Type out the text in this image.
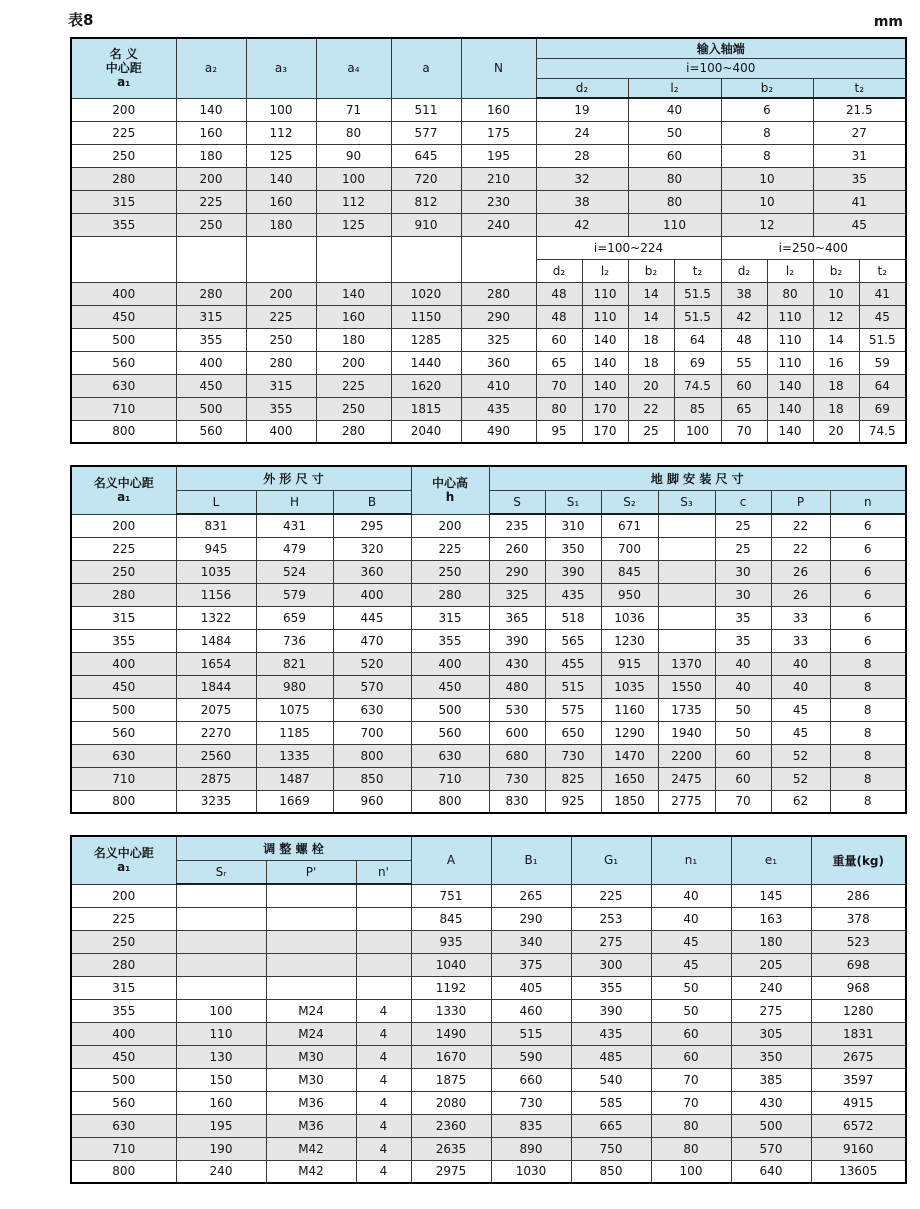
表8	mm
名 义
中心距
a₁	a₂	a₃	a₄	a	N	输入轴端							
						i=100~400							
						d₂		l₂		b₂		t₂	
200	140	100	71	511	160	19		40		6		21.5	
225	160	112	80	577	175	24		50		8		27	
250	180	125	90	645	195	28		60		8		31	
280	200	140	100	720	210	32		80		10		35	
315	225	160	112	812	230	38		80		10		41	
355	250	180	125	910	240	42		110		12		45	
						i=100~224				i=250~400			
						d₂	l₂	b₂	t₂	d₂	l₂	b₂	t₂
400	280	200	140	1020	280	48	110	14	51.5	38	80	10	41
450	315	225	160	1150	290	48	110	14	51.5	42	110	12	45
500	355	250	180	1285	325	60	140	18	64	48	110	14	51.5
560	400	280	200	1440	360	65	140	18	69	55	110	16	59
630	450	315	225	1620	410	70	140	20	74.5	60	140	18	64
710	500	355	250	1815	435	80	170	22	85	65	140	18	69
800	560	400	280	2040	490	95	170	25	100	70	140	20	74.5
名义中心距
a₁
	外 形 尺 寸	中心高
h
	地 脚 安 装 尺 寸
	L	H	B		S	S₁	S₂	S₃	c	P	n
200	831	431	295	200	235	310	671		25	22	6
225	945	479	320	225	260	350	700		25	22	6
250	1035	524	360	250	290	390	845		30	26	6
280	1156	579	400	280	325	435	950		30	26	6
315	1322	659	445	315	365	518	1036		35	33	6
355	1484	736	470	355	390	565	1230		35	33	6
400	1654	821	520	400	430	455	915	1370	40	40	8
450	1844	980	570	450	480	515	1035	1550	40	40	8
500	2075	1075	630	500	530	575	1160	1735	50	45	8
560	2270	1185	700	560	600	650	1290	1940	50	45	8
630	2560	1335	800	630	680	730	1470	2200	60	52	8
710	2875	1487	850	710	730	825	1650	2475	60	52	8
800	3235	1669	960	800	830	925	1850	2775	70	62	8
名义中心距
a₁	调 整 螺 栓			A	B₁	G₁	n₁	e₁	重量(kg)
	Sᵣ	P'	n'						
200				751	265	225	40	145	286
225				845	290	253	40	163	378
250				935	340	275	45	180	523
280				1040	375	300	45	205	698
315				1192	405	355	50	240	968
355	100	M24	4	1330	460	390	50	275	1280
400	110	M24	4	1490	515	435	60	305	1831
450	130	M30	4	1670	590	485	60	350	2675
500	150	M30	4	1875	660	540	70	385	3597
560	160	M36	4	2080	730	585	70	430	4915
630	195	M36	4	2360	835	665	80	500	6572
710	190	M42	4	2635	890	750	80	570	9160
800	240	M42	4	2975	1030	850	100	640	13605
